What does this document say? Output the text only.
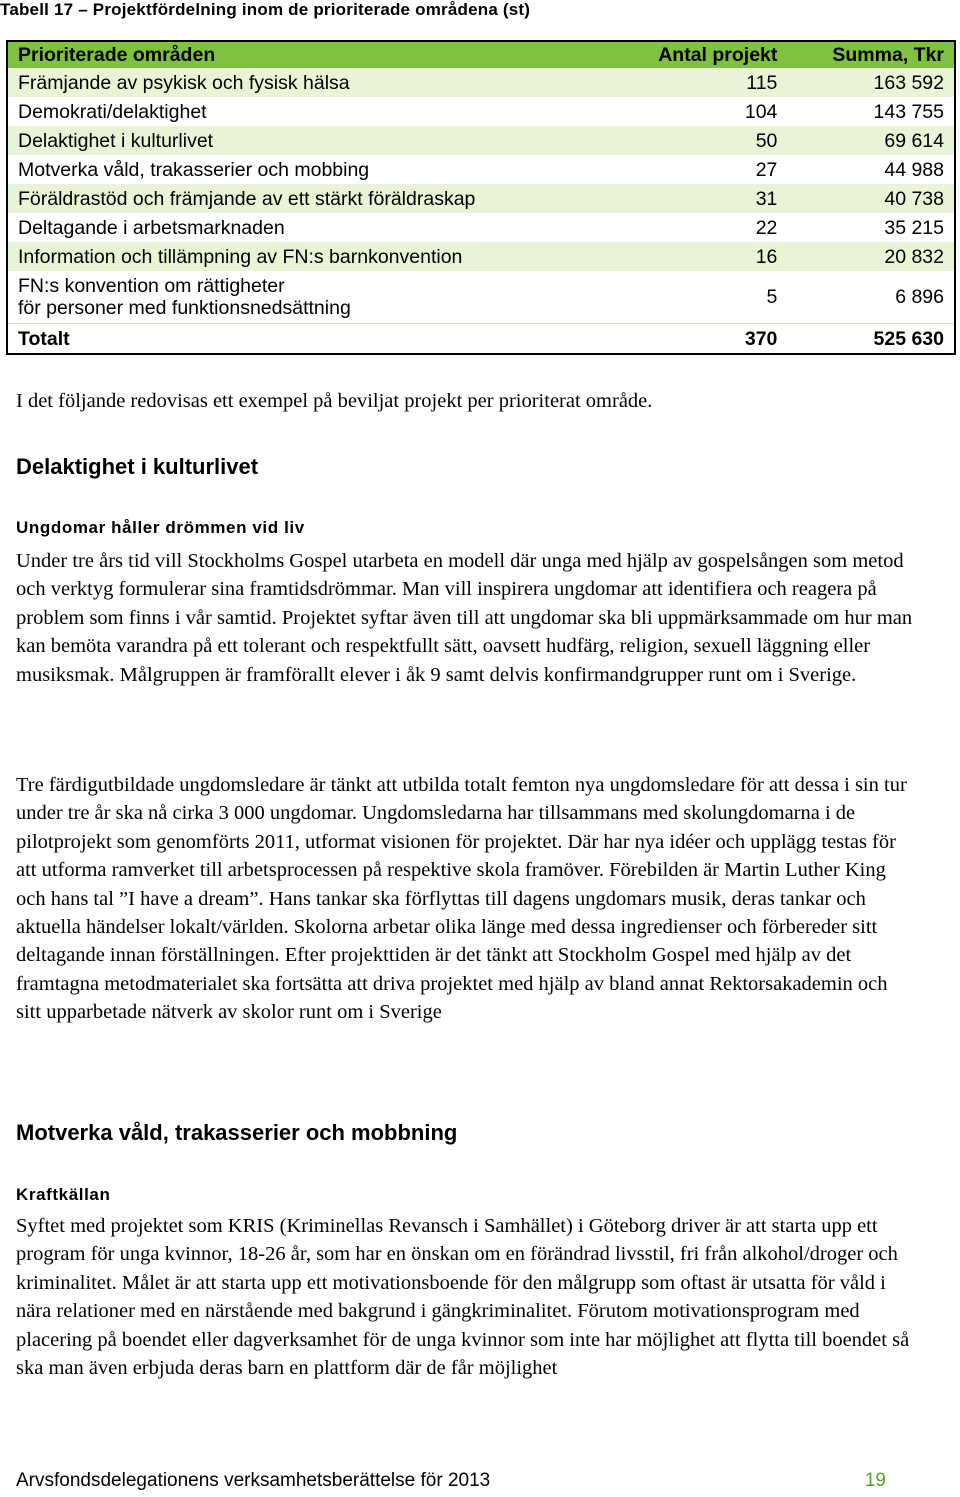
Tabell 17 – Projektfördelning inom de prioriterade områdena (st)
Prioriterade områden	Antal projekt	Summa, Tkr
Främjande av psykisk och fysisk hälsa	115	163 592
Demokrati/delaktighet	104	143 755
Delaktighet i kulturlivet	50	69 614
Motverka våld, trakasserier och mobbing	27	44 988
Föräldrastöd och främjande av ett stärkt föräldraskap	31	40 738
Deltagande i arbetsmarknaden	22	35 215
Information och tillämpning av FN:s barnkonvention	16	20 832

FN:s konvention om rättigheter
för personer med funktionsnedsättning	5	6 896
Totalt	370	525 630
I det följande redovisas ett exempel på beviljat projekt per prioriterat område.
Delaktighet i kulturlivet
Ungdomar håller drömmen vid liv
Under tre års tid vill Stockholms Gospel utarbeta en modell där unga med hjälp av gospelsången som metod och verktyg formulerar sina framtidsdrömmar. Man vill inspirera ungdomar att identifiera och reagera på problem som finns i vår samtid. Projektet syftar även till att ungdomar ska bli uppmärksammade om hur man kan bemöta varandra på ett tolerant och respektfullt sätt, oavsett hudfärg, religion, sexuell läggning eller musiksmak. Målgruppen är framförallt elever i åk 9 samt delvis konfirmandgrupper runt om i Sverige.
Tre färdigutbildade ungdomsledare är tänkt att utbilda totalt femton nya ungdomsledare för att dessa i sin tur under tre år ska nå cirka 3 000 ungdomar. Ungdomsledarna har tillsammans med skolungdomarna i de pilotprojekt som genomförts 2011, utformat visionen för projektet. Där har nya idéer och upplägg testas för att utforma ramverket till arbetsprocessen på respektive skola framöver. Förebilden är Martin Luther King och hans tal ”I have a dream”. Hans tankar ska förflyttas till dagens ungdomars musik, deras tankar och aktuella händelser lokalt/världen. Skolorna arbetar olika länge med dessa ingredienser och förbereder sitt deltagande innan förställningen. Efter projekttiden är det tänkt att Stockholm Gospel med hjälp av det framtagna metodmaterialet ska fortsätta att driva projektet med hjälp av bland annat Rektorsakademin och sitt upparbetade nätverk av skolor runt om i Sverige
Motverka våld, trakasserier och mobbning
Kraftkällan
Syftet med projektet som KRIS (Kriminellas Revansch i Samhället) i Göteborg driver är att starta upp ett program för unga kvinnor, 18-26 år, som har en önskan om en förändrad livsstil, fri från alkohol/droger och kriminalitet. Målet är att starta upp ett motivationsboende för den målgrupp som oftast är utsatta för våld i nära relationer med en närstående med bakgrund i gängkriminalitet. Förutom motivationsprogram med placering på boendet eller dagverksamhet för de unga kvinnor som inte har möjlighet att flytta till boendet så ska man även erbjuda deras barn en plattform där de får möjlighet
Arvsfondsdelegationens verksamhetsberättelse för 2013	19
